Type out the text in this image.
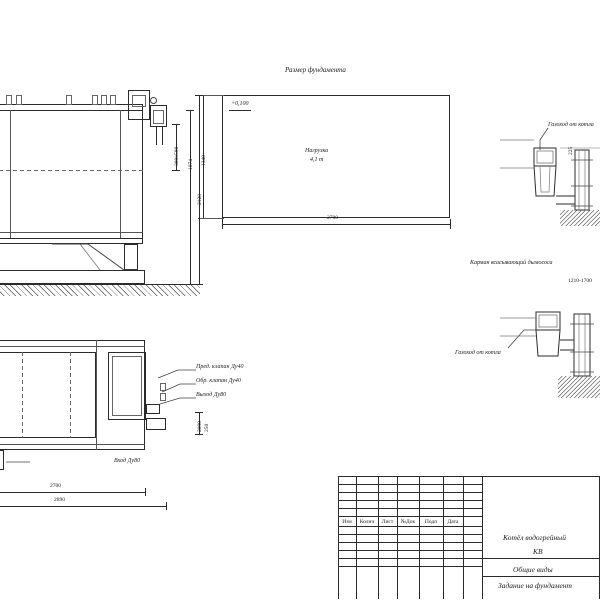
Размер фундамента
+0,100
Нагрузка
4,1 т
2700
1340
300x500 1874
2128
Пред. клапан Ду40
Обр. клапан Ду40
Выход Ду80
Вход Ду80
2700
2890
2890 250
Газоход от котла
225
Карман всасывающий дымососа
1210-1700
Газоход от котла
Изм	Колич	Лист	№Док	Подп	Дата
Котёл водогрейный
КВ
Общие виды
Задание на фундамент
